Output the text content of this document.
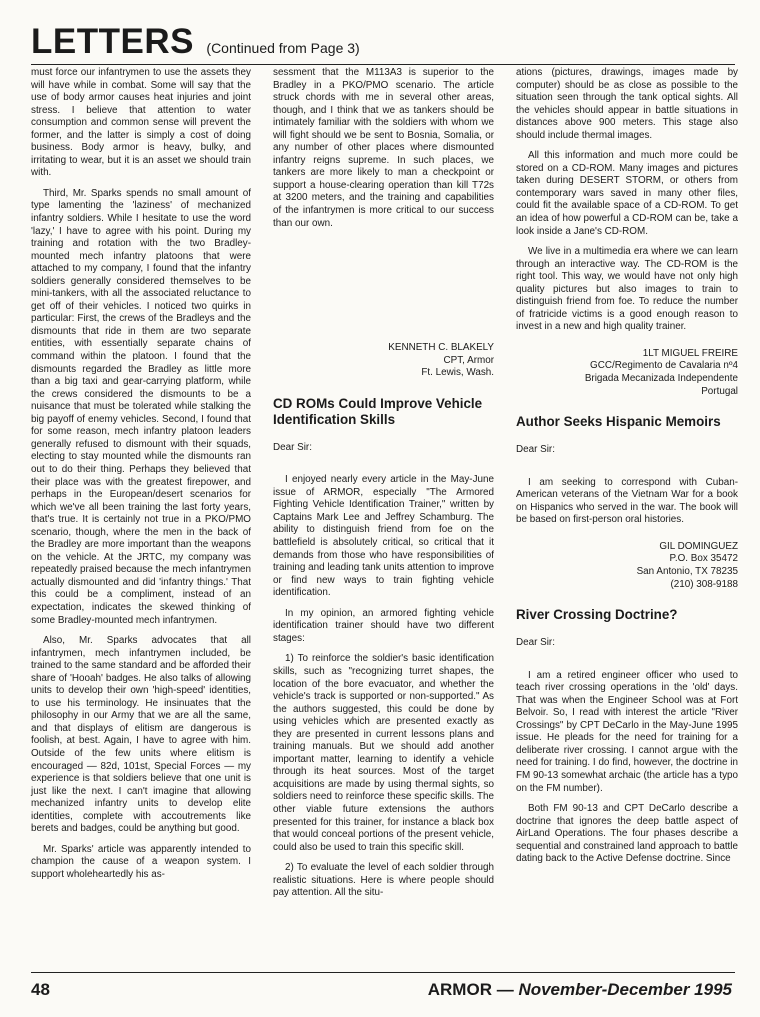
LETTERS (Continued from Page 3)

must force our infantrymen to use the assets they will have while in combat. Some will say that the use of body armor causes heat injuries and joint stress. I believe that attention to water consumption and common sense will prevent the former, and the latter is simply a cost of doing business. Body armor is heavy, bulky, and irritating to wear, but it is an asset we should train with.

Third, Mr. Sparks spends no small amount of type lamenting the 'laziness' of mechanized infantry soldiers. While I hesitate to use the word 'lazy,' I have to agree with his point. During my training and rotation with the two Bradley-mounted mech infantry platoons that were attached to my company, I found that the infantry soldiers generally considered themselves to be mini-tankers, with all the associated reluctance to get off of their vehicles. I noticed two quirks in particular: First, the crews of the Bradleys and the dismounts that ride in them are two separate entities, with essentially separate chains of command within the platoon. I found that the dismounts regarded the Bradley as little more than a big taxi and gear-carrying platform, while the crews considered the dismounts to be a nuisance that must be tolerated while stalking the big payoff of enemy vehicles. Second, I found that for some reason, mech infantry platoon leaders generally refused to dismount with their squads, electing to stay mounted while the dismounts ran out to do their thing. Perhaps they believed that their place was with the greatest firepower, and perhaps in the European/desert scenarios for which we've all been training the last forty years, that's true. It is certainly not true in a PKO/PMO scenario, though, where the men in the back of the Bradley are more important than the weapons on the vehicle. At the JRTC, my company was repeatedly praised because the mech infantrymen actually dismounted and did 'infantry things.' That this could be a compliment, instead of an expectation, indicates the skewed thinking of some Bradley-mounted mech infantrymen.

Also, Mr. Sparks advocates that all infantrymen, mech infantrymen included, be trained to the same standard and be afforded their share of 'Hooah' badges. He also talks of allowing units to develop their own 'high-speed' identities, to use his terminology. He insinuates that the philosophy in our Army that we are all the same, and that displays of elitism are dangerous is foolish, at best. Again, I have to agree with him. Outside of the few units where elitism is encouraged — 82d, 101st, Special Forces — my experience is that soldiers believe that one unit is just like the next. I can't imagine that allowing mechanized infantry units to develop elite identities, complete with accoutrements like berets and badges, could be anything but good.

Mr. Sparks' article was apparently intended to champion the cause of a weapon system. I support wholeheartedly his as-

sessment that the M113A3 is superior to the Bradley in a PKO/PMO scenario. The article struck chords with me in several other areas, though, and I think that we as tankers should be intimately familiar with the soldiers with whom we will fight should we be sent to Bosnia, Somalia, or any number of other places where dismounted infantry reigns supreme. In such places, we tankers are more likely to man a checkpoint or support a house-clearing operation than kill T72s at 3200 meters, and the training and capabilities of the infantrymen is more critical to our success than our own.

KENNETH C. BLAKELY
CPT, Armor
Ft. Lewis, Wash.
CD ROMs Could Improve Vehicle Identification Skills

Dear Sir:

I enjoyed nearly every article in the May-June issue of ARMOR, especially "The Armored Fighting Vehicle Identification Trainer," written by Captains Mark Lee and Jeffrey Schamburg. The ability to distinguish friend from foe on the battlefield is absolutely critical, so critical that it demands from those who have responsibilities of training and leading tank units attention to improve or find new ways to train fighting vehicle identification.

In my opinion, an armored fighting vehicle identification trainer should have two different stages:

1) To reinforce the soldier's basic identification skills, such as "recognizing turret shapes, the location of the bore evacuator, and whether the vehicle's track is supported or non-supported." As the authors suggested, this could be done by using vehicles which are presented exactly as they are presented in current lessons plans and training manuals. But we should add another important matter, learning to identify a vehicle through its heat sources. Most of the target acquisitions are made by using thermal sights, so soldiers need to reinforce these specific skills. The other viable future extensions the authors presented for this trainer, for instance a black box that would conceal portions of the present vehicle, could also be used to train this specific skill.

2) To evaluate the level of each soldier through realistic situations. Here is where people should pay attention. All the situ-

ations (pictures, drawings, images made by computer) should be as close as possible to the situation seen through the tank optical sights. All the vehicles should appear in battle situations in distances above 900 meters. This stage also should include thermal images.

All this information and much more could be stored on a CD-ROM. Many images and pictures taken during DESERT STORM, or others from contemporary wars saved in many other files, could fit the available space of a CD-ROM. To get an idea of how powerful a CD-ROM can be, take a look inside a Jane's CD-ROM.

We live in a multimedia era where we can learn through an interactive way. The CD-ROM is the right tool. This way, we would have not only high quality pictures but also images to train to distinguish friend from foe. To reduce the number of fratricide victims is a good enough reason to invest in a new and high quality trainer.

1LT MIGUEL FREIRE
GCC/Regimento de Cavalaria nº4
Brigada Mecanizada Independente
Portugal
Author Seeks Hispanic Memoirs

Dear Sir:

I am seeking to correspond with Cuban-American veterans of the Vietnam War for a book on Hispanics who served in the war. The book will be based on first-person oral histories.

GIL DOMINGUEZ
P.O. Box 35472
San Antonio, TX 78235
(210) 308-9188
River Crossing Doctrine?

Dear Sir:

I am a retired engineer officer who used to teach river crossing operations in the 'old' days. That was when the Engineer School was at Fort Belvoir. So, I read with interest the article "River Crossings" by CPT DeCarlo in the May-June 1995 issue. He pleads for the need for training for a deliberate river crossing. I cannot argue with the need for training. I do find, however, the doctrine in FM 90-13 somewhat archaic (the article has a typo on the FM number).

Both FM 90-13 and CPT DeCarlo describe a doctrine that ignores the deep battle aspect of AirLand Operations. The four phases describe a sequential and constrained land approach to battle dating back to the Active Defense doctrine. Since

48	ARMOR — November-December 1995
